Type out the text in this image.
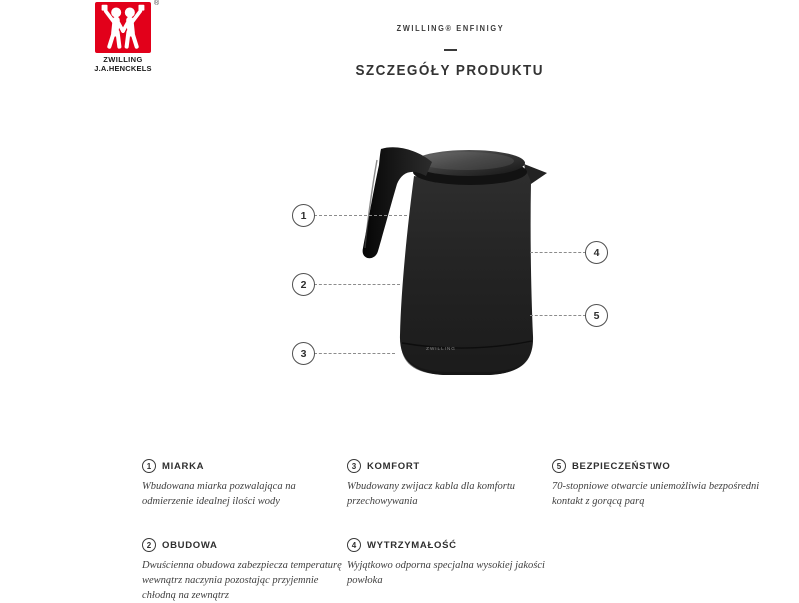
®
ZWILLING
J.A.HENCKELS
ZWILLING® ENFINIGY
SZCZEGÓŁY PRODUKTU
ZWILLING
1
2
3
4
5
1	MIARKA
Wbudowana miarka pozwalająca na odmierzenie idealnej ilości wody
3	KOMFORT
Wbudowany zwijacz kabla dla komfortu przechowywania
5	BEZPIECZEŃSTWO
70-stopniowe otwarcie uniemożliwia bezpośredni kontakt z gorącą parą
2	OBUDOWA
Dwuścienna obudowa zabezpiecza temperaturę wewnątrz naczynia pozostając przyjemnie chłodną na zewnątrz
4	WYTRZYMAŁOŚĆ
Wyjątkowo odporna specjalna wysokiej jakości powłoka
